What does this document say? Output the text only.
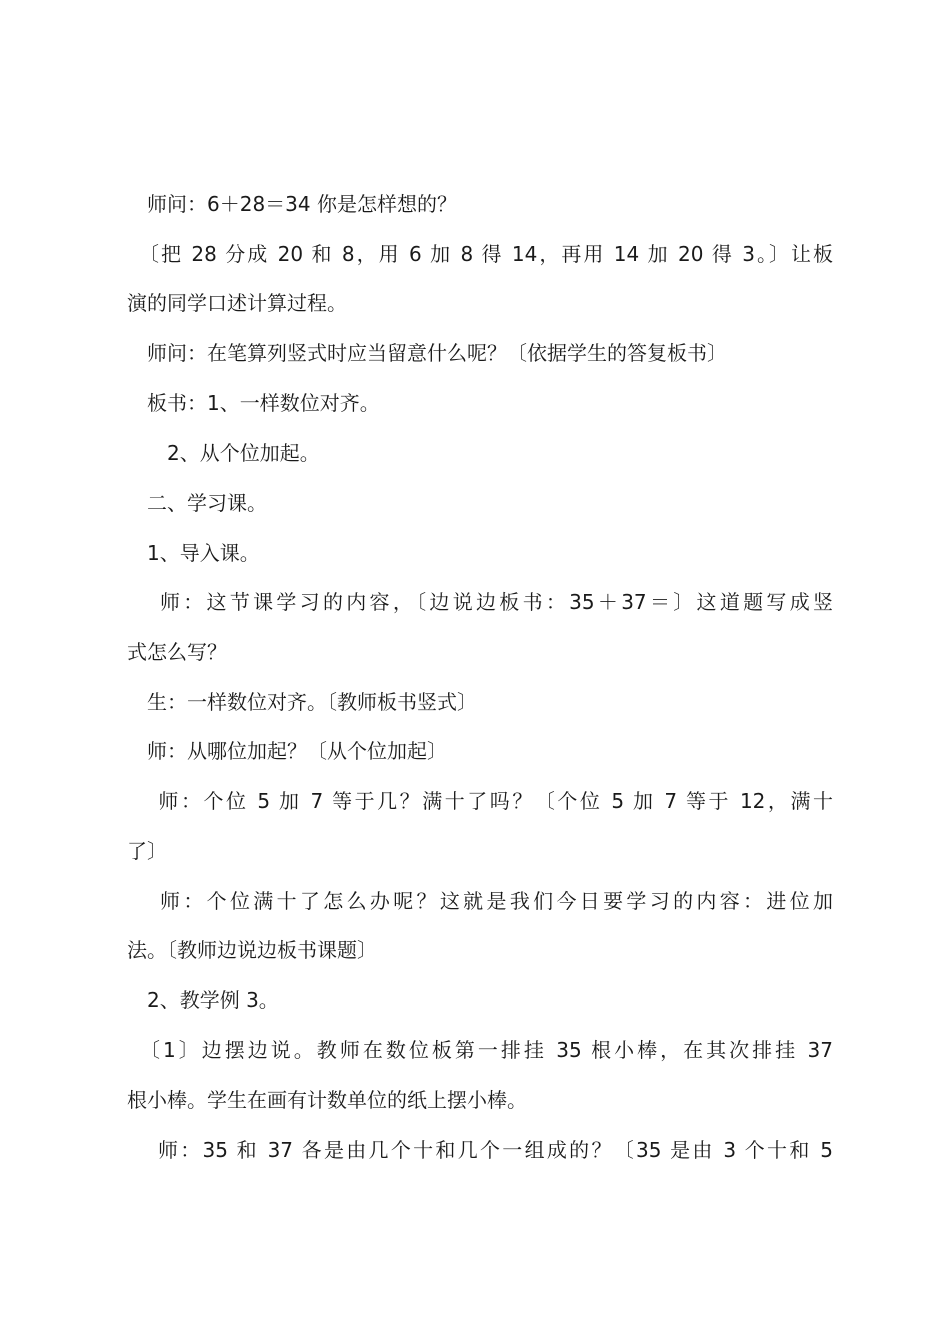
　师问：6＋28＝34 你是怎样想的？
　〔把 28 分成 20 和 8，用 6 加 8 得 14，再用 14 加 20 得 3。〕让板
演的同学口述计算过程。
　师问：在笔算列竖式时应当留意什么呢？〔依据学生的答复板书〕
　板书：1、一样数位对齐。
　　2、从个位加起。
　二、学习课。
　1、导入课。
　 师：这节课学习的内容，〔边说边板书：35＋37＝〕这道题写成竖
式怎么写？
　生：一样数位对齐。〔教师板书竖式〕
　师：从哪位加起？〔从个位加起〕
　 师：个位 5 加 7 等于几？满十了吗？〔个位 5 加 7 等于 12，满十
了〕
　 师：个位满十了怎么办呢？这就是我们今日要学习的内容：进位加
法。〔教师边说边板书课题〕
　2、教学例 3。
　〔1〕边摆边说。教师在数位板第一排挂 35 根小棒，在其次排挂 37
根小棒。学生在画有计数单位的纸上摆小棒。
　 师：35 和 37 各是由几个十和几个一组成的？〔35 是由 3 个十和 5
